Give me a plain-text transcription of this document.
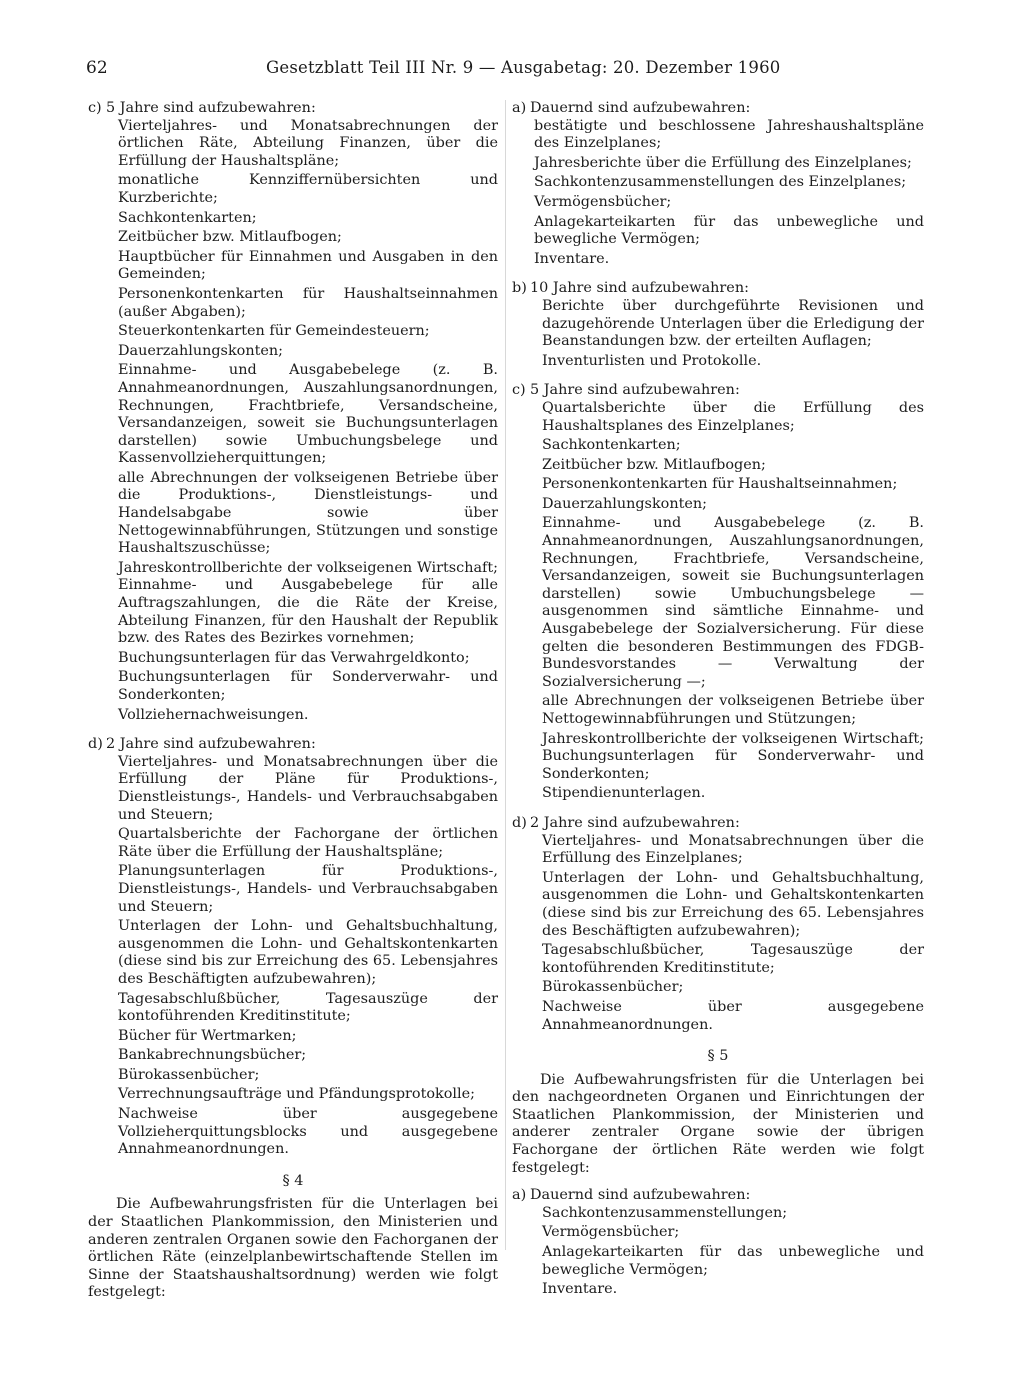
62	Gesetzblatt Teil III Nr. 9 — Ausgabetag: 20. Dezember 1960
c) 5 Jahre sind aufzubewahren:
Vierteljahres- und Monatsabrechnungen der örtlichen Räte, Abteilung Finanzen, über die Erfüllung der Haushaltspläne;
monatliche Kennziffernübersichten und Kurzberichte;
Sachkontenkarten;
Zeitbücher bzw. Mitlaufbogen;
Hauptbücher für Einnahmen und Ausgaben in den Gemeinden;
Personenkontenkarten für Haushaltseinnahmen (außer Abgaben);
Steuerkontenkarten für Gemeindesteuern;
Dauerzahlungskonten;
Einnahme- und Ausgabebelege (z. B. Annahmeanordnungen, Auszahlungsanordnungen, Rechnungen, Frachtbriefe, Versandscheine, Versandanzeigen, soweit sie Buchungsunterlagen darstellen) sowie Umbuchungsbelege und Kassenvollzieherquittungen;
alle Abrechnungen der volkseigenen Betriebe über die Produktions-, Dienstleistungs- und Handelsabgabe sowie über Nettogewinnabführungen, Stützungen und sonstige Haushaltszuschüsse;
Jahreskontrollberichte der volkseigenen Wirtschaft; Einnahme- und Ausgabebelege für alle Auftragszahlungen, die die Räte der Kreise, Abteilung Finanzen, für den Haushalt der Republik bzw. des Rates des Bezirkes vornehmen;
Buchungsunterlagen für das Verwahrgeldkonto;
Buchungsunterlagen für Sonderverwahr- und Sonderkonten;
Vollziehernachweisungen.
d) 2 Jahre sind aufzubewahren:
Vierteljahres- und Monatsabrechnungen über die Erfüllung der Pläne für Produktions-, Dienstleistungs-, Handels- und Verbrauchsabgaben und Steuern;
Quartalsberichte der Fachorgane der örtlichen Räte über die Erfüllung der Haushaltspläne;
Planungsunterlagen für Produktions-, Dienstleistungs-, Handels- und Verbrauchsabgaben und Steuern;
Unterlagen der Lohn- und Gehaltsbuchhaltung, ausgenommen die Lohn- und Gehaltskontenkarten (diese sind bis zur Erreichung des 65. Lebensjahres des Beschäftigten aufzubewahren);
Tagesabschlußbücher, Tagesauszüge der kontoführenden Kreditinstitute;
Bücher für Wertmarken;
Bankabrechnungsbücher;
Bürokassenbücher;
Verrechnungsaufträge und Pfändungsprotokolle;
Nachweise über ausgegebene Vollzieherquittungsblocks und ausgegebene Annahmeanordnungen.
§ 4
Die Aufbewahrungsfristen für die Unterlagen bei der Staatlichen Plankommission, den Ministerien und anderen zentralen Organen sowie den Fachorganen der örtlichen Räte (einzelplanbewirtschaftende Stellen im Sinne der Staatshaushaltsordnung) werden wie folgt festgelegt:
a) Dauernd sind aufzubewahren:
bestätigte und beschlossene Jahreshaushaltspläne des Einzelplanes;
Jahresberichte über die Erfüllung des Einzelplanes;
Sachkontenzusammenstellungen des Einzelplanes;
Vermögensbücher;
Anlagekarteikarten für das unbewegliche und bewegliche Vermögen;
Inventare.
b) 10 Jahre sind aufzubewahren:
Berichte über durchgeführte Revisionen und dazugehörende Unterlagen über die Erledigung der Beanstandungen bzw. der erteilten Auflagen;
Inventurlisten und Protokolle.
c) 5 Jahre sind aufzubewahren:
Quartalsberichte über die Erfüllung des Haushaltsplanes des Einzelplanes;
Sachkontenkarten;
Zeitbücher bzw. Mitlaufbogen;
Personenkontenkarten für Haushaltseinnahmen;
Dauerzahlungskonten;
Einnahme- und Ausgabebelege (z. B. Annahmeanordnungen, Auszahlungsanordnungen, Rechnungen, Frachtbriefe, Versandscheine, Versandanzeigen, soweit sie Buchungsunterlagen darstellen) sowie Umbuchungsbelege — ausgenommen sind sämtliche Einnahme- und Ausgabebelege der Sozialversicherung. Für diese gelten die besonderen Bestimmungen des FDGB-Bundesvorstandes — Verwaltung der Sozialversicherung —;
alle Abrechnungen der volkseigenen Betriebe über Nettogewinnabführungen und Stützungen;
Jahreskontrollberichte der volkseigenen Wirtschaft; Buchungsunterlagen für Sonderverwahr- und Sonderkonten;
Stipendienunterlagen.
d) 2 Jahre sind aufzubewahren:
Vierteljahres- und Monatsabrechnungen über die Erfüllung des Einzelplanes;
Unterlagen der Lohn- und Gehaltsbuchhaltung, ausgenommen die Lohn- und Gehaltskontenkarten (diese sind bis zur Erreichung des 65. Lebensjahres des Beschäftigten aufzubewahren);
Tagesabschlußbücher, Tagesauszüge der kontoführenden Kreditinstitute;
Bürokassenbücher;
Nachweise über ausgegebene Annahmeanordnungen.
§ 5
Die Aufbewahrungsfristen für die Unterlagen bei den nachgeordneten Organen und Einrichtungen der Staatlichen Plankommission, der Ministerien und anderer zentraler Organe sowie der übrigen Fachorgane der örtlichen Räte werden wie folgt festgelegt:
a) Dauernd sind aufzubewahren:
Sachkontenzusammenstellungen;
Vermögensbücher;
Anlagekarteikarten für das unbewegliche und bewegliche Vermögen;
Inventare.
